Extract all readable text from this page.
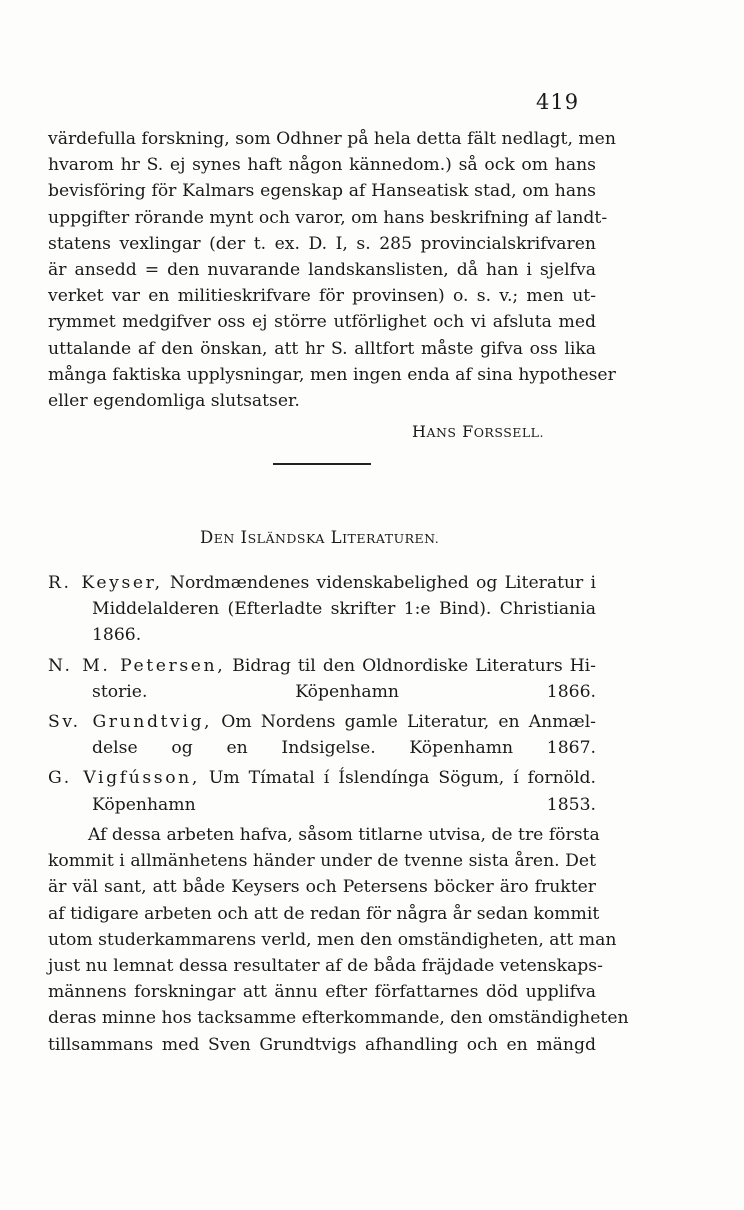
419
värdefulla forskning, som Odhner på hela detta fält nedlagt, men
hvarom hr S. ej synes haft någon kännedom.) så ock om hans
bevisföring för Kalmars egenskap af Hanseatisk stad, om hans
uppgifter rörande mynt och varor, om hans beskrifning af landt-
statens vexlingar (der t. ex. D. I, s. 285 provincialskrifvaren
är ansedd = den nuvarande landskanslisten, då han i sjelfva
verket var en militieskrifvare för provinsen) o. s. v.; men ut-
rymmet medgifver oss ej större utförlighet och vi afsluta med
uttalande af den önskan, att hr S. alltfort måste gifva oss lika
många faktiska upplysningar, men ingen enda af sina hypotheser
eller egendomliga slutsatser.
HANS FORSSELL.
DEN ISLÄNDSKA LITERATUREN.
R. Keyser, Nordmændenes videnskabelighed og Literatur i
Middelalderen (Efterladte skrifter 1:e Bind). Christiania
1866.
N. M. Petersen, Bidrag til den Oldnordiske Literaturs Hi-
storie. Köpenhamn 1866.
Sv. Grundtvig, Om Nordens gamle Literatur, en Anmæl-
delse og en Indsigelse. Köpenhamn 1867.
G. Vigfússon, Um Tímatal í Íslendínga Sögum, í fornöld.
Köpenhamn 1853.
Af dessa arbeten hafva, såsom titlarne utvisa, de tre första
kommit i allmänhetens händer under de tvenne sista åren. Det
är väl sant, att både Keysers och Petersens böcker äro frukter
af tidigare arbeten och att de redan för några år sedan kommit
utom studerkammarens verld, men den omständigheten, att man
just nu lemnat dessa resultater af de båda fräjdade vetenskaps-
männens forskningar att ännu efter författarnes död upplifva
deras minne hos tacksamme efterkommande, den omständigheten
tillsammans med Sven Grundtvigs afhandling och en mängd
